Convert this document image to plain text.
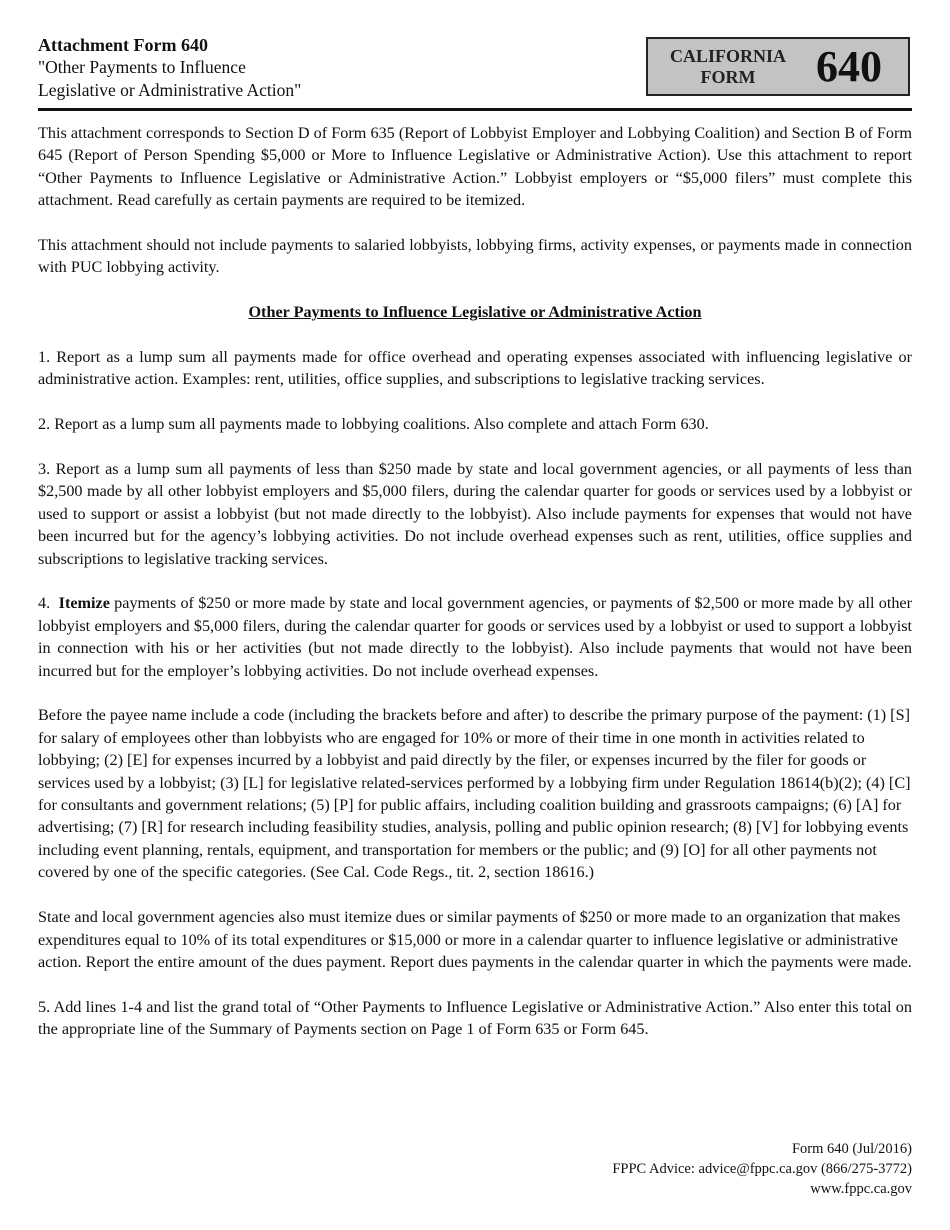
Attachment Form 640
"Other Payments to Influence
Legislative or Administrative Action"
CALIFORNIA
FORM	640

This attachment corresponds to Section D of Form 635 (Report of Lobbyist Employer and Lobbying Coalition) and Section B of Form 645 (Report of Person Spending $5,000 or More to Influence Legislative or Administrative Action). Use this attachment to report “Other Payments to Influence Legislative or Administrative Action.” Lobbyist employers or “$5,000 filers” must complete this attachment. Read carefully as certain payments are required to be itemized.

This attachment should not include payments to salaried lobbyists, lobbying firms, activity expenses, or payments made in connection with PUC lobbying activity.

Other Payments to Influence Legislative or Administrative Action

1. Report as a lump sum all payments made for office overhead and operating expenses associated with influencing legislative or administrative action. Examples: rent, utilities, office supplies, and subscriptions to legislative tracking services.

2. Report as a lump sum all payments made to lobbying coalitions. Also complete and attach Form 630.

3. Report as a lump sum all payments of less than $250 made by state and local government agencies, or all payments of less than $2,500 made by all other lobbyist employers and $5,000 filers, during the calendar quarter for goods or services used by a lobbyist or used to support or assist a lobbyist (but not made directly to the lobbyist). Also include payments for expenses that would not have been incurred but for the agency’s lobbying activities. Do not include overhead expenses such as rent, utilities, office supplies and subscriptions to legislative tracking services.

4.  Itemize payments of $250 or more made by state and local government agencies, or payments of $2,500 or more made by all other lobbyist employers and $5,000 filers, during the calendar quarter for goods or services used by a lobbyist or used to support a lobbyist in connection with his or her activities (but not made directly to the lobbyist). Also include payments that would not have been incurred but for the employer’s lobbying activities. Do not include overhead expenses.

Before the payee name include a code (including the brackets before and after) to describe the primary purpose of the payment: (1) [S] for salary of employees other than lobbyists who are engaged for 10% or more of their time in one month in activities related to lobbying; (2) [E] for expenses incurred by a lobbyist and paid directly by the filer, or expenses incurred by the filer for goods or services used by a lobbyist; (3) [L] for legislative related-services performed by a lobbying firm under Regulation 18614(b)(2); (4) [C] for consultants and government relations; (5) [P] for public affairs, including coalition building and grassroots campaigns; (6) [A] for advertising; (7) [R] for research including feasibility studies, analysis, polling and public opinion research; (8) [V] for lobbying events including event planning, rentals, equipment, and transportation for members or the public; and (9) [O] for all other payments not covered by one of the specific categories. (See Cal. Code Regs., tit. 2, section 18616.)

State and local government agencies also must itemize dues or similar payments of $250 or more made to an organization that makes expenditures equal to 10% of its total expenditures or $15,000 or more in a calendar quarter to influence legislative or administrative action. Report the entire amount of the dues payment. Report dues payments in the calendar quarter in which the payments were made.

5. Add lines 1-4 and list the grand total of “Other Payments to Influence Legislative or Administrative Action.” Also enter this total on the appropriate line of the Summary of Payments section on Page 1 of Form 635 or Form 645.

Form 640 (Jul/2016)
FPPC Advice: advice@fppc.ca.gov (866/275-3772)
www.fppc.ca.gov
